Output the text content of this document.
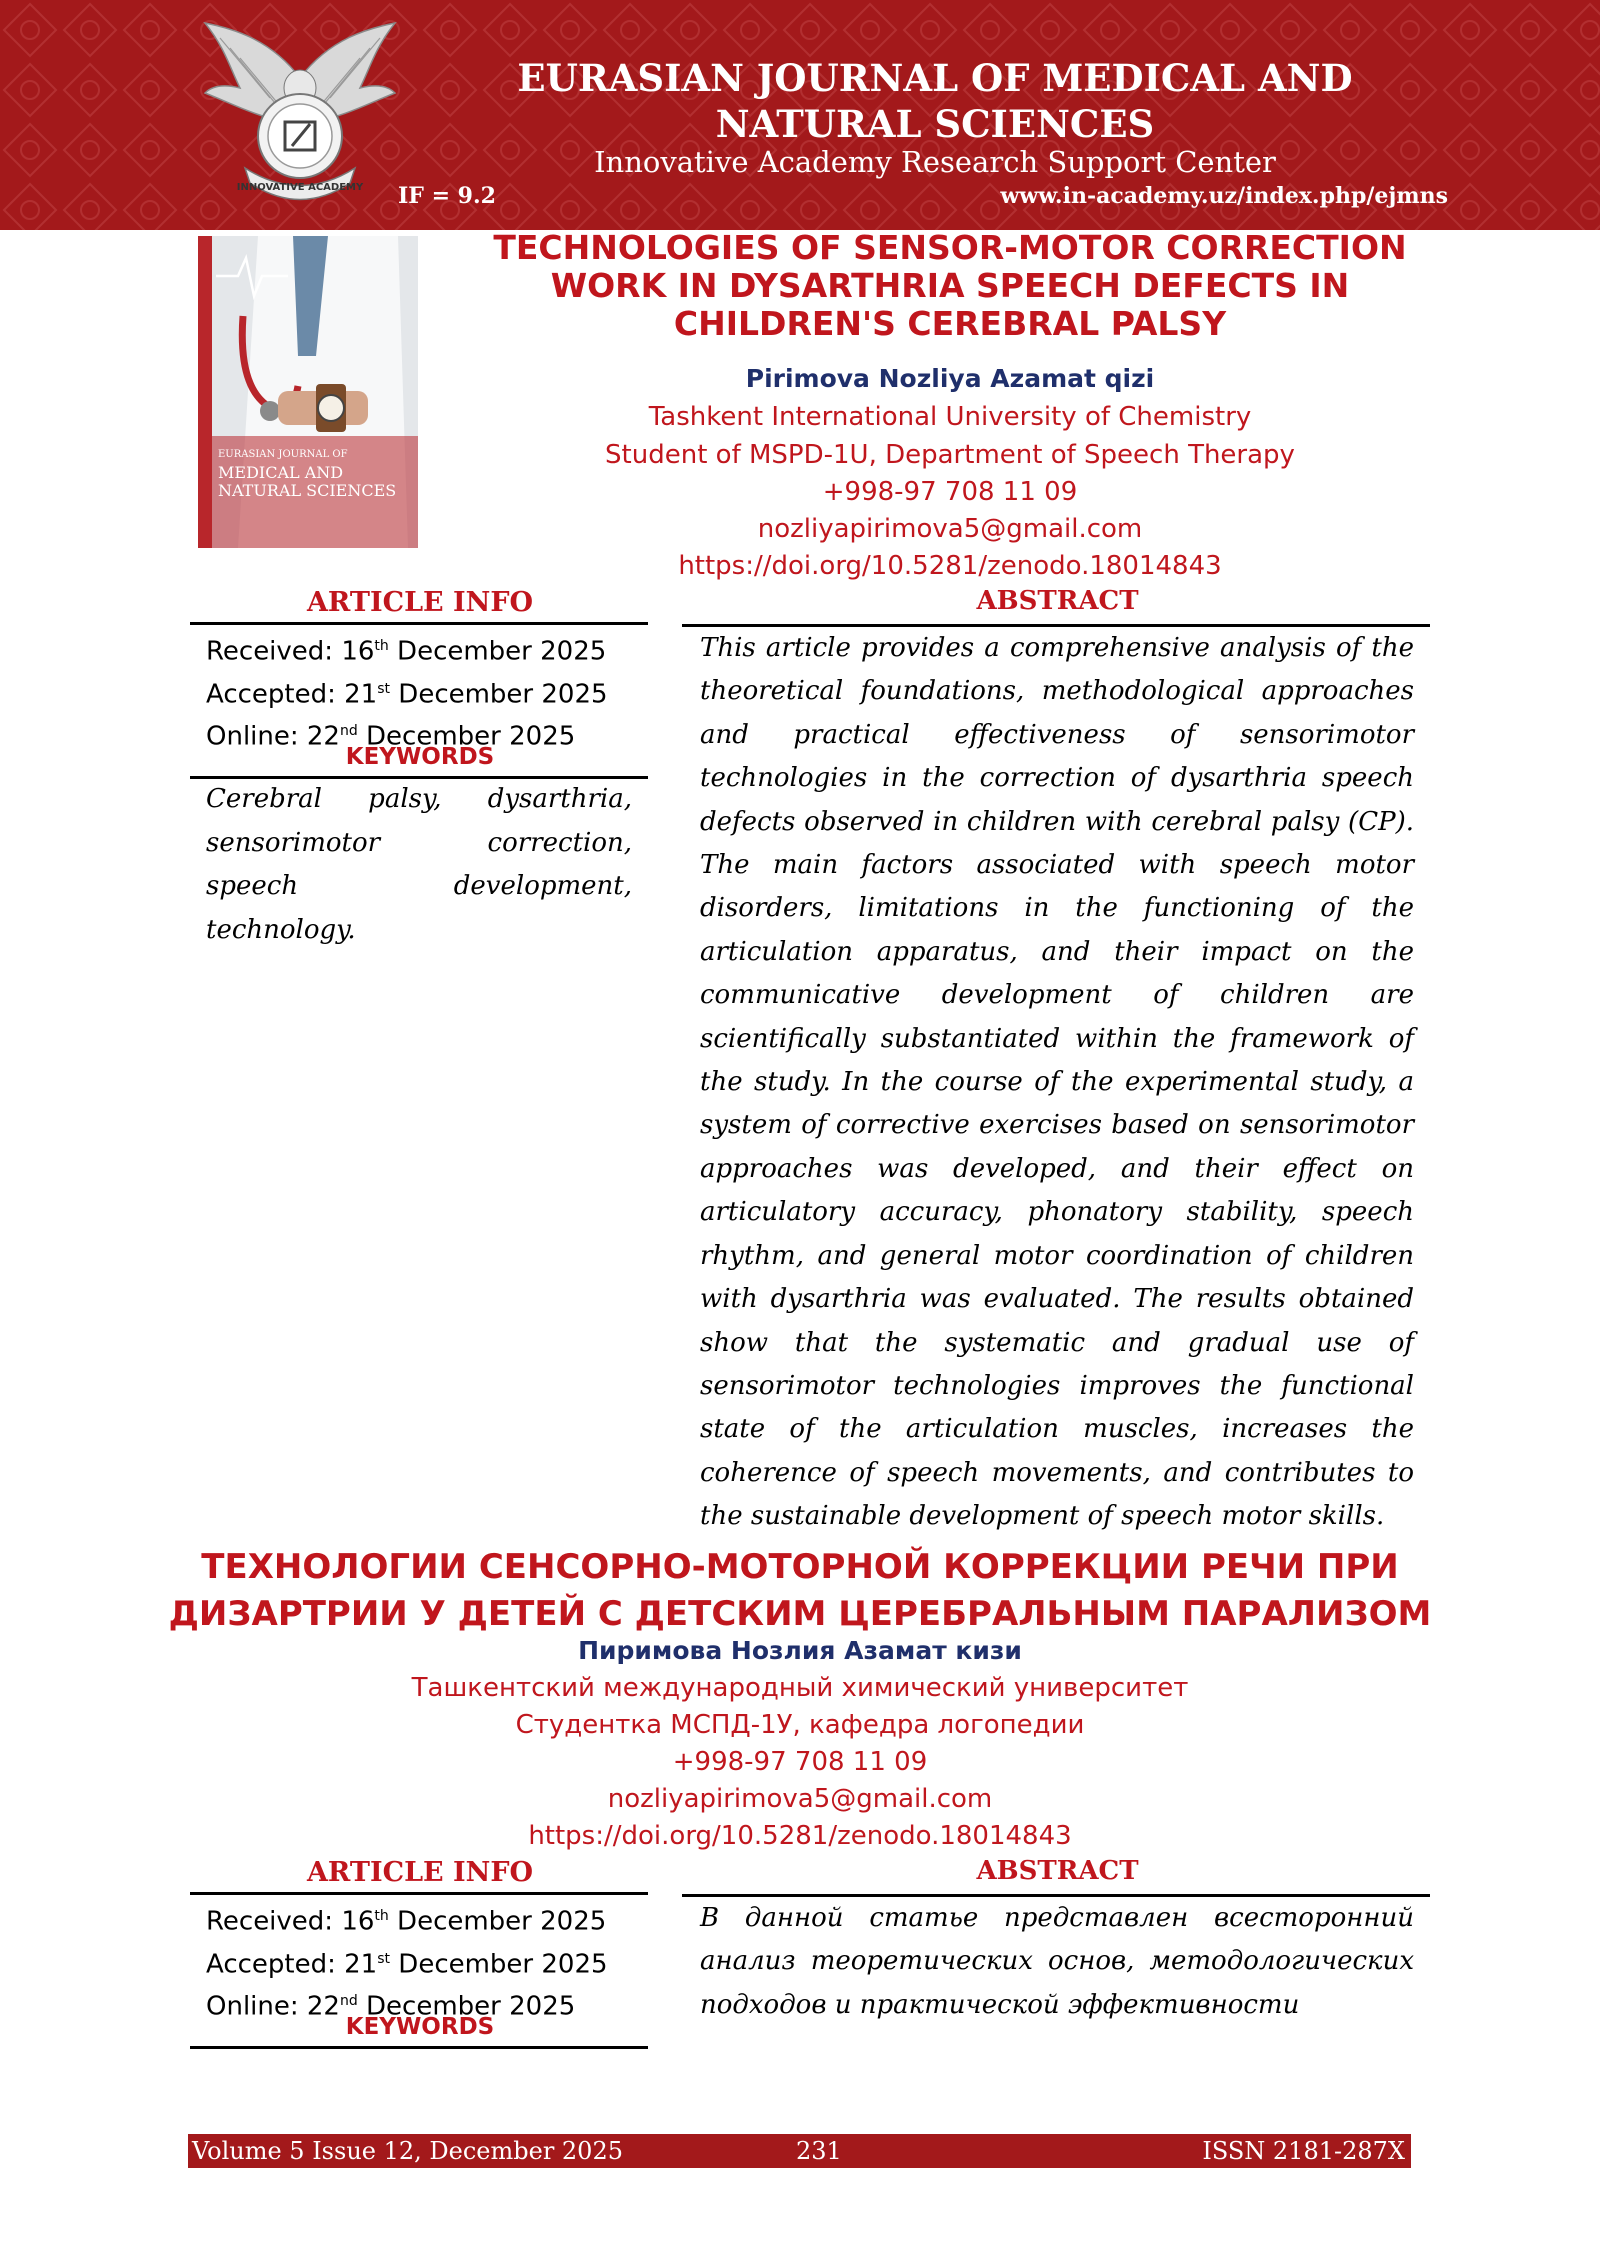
INNOVATIVE ACADEMY
EURASIAN JOURNAL OF MEDICAL AND
NATURAL SCIENCES
Innovative Academy Research Support Center
IF = 9.2	www.in-academy.uz/index.php/ejmns
EURASIAN JOURNAL OF
MEDICAL AND
NATURAL SCIENCES
TECHNOLOGIES OF SENSOR-MOTOR CORRECTION
WORK IN DYSARTHRIA SPEECH DEFECTS IN
CHILDREN'S CEREBRAL PALSY
Pirimova Nozliya Azamat qizi
Tashkent International University of Chemistry
Student of MSPD-1U, Department of Speech Therapy
+998-97 708 11 09
nozliyapirimova5@gmail.com
https://doi.org/10.5281/zenodo.18014843
ARTICLE INFO	ABSTRACT
Received: 16th December 2025
Accepted: 21st December 2025
Online: 22nd December 2025
KEYWORDS
Cerebral palsy, dysarthria, sensorimotor correction, speech development, technology.
This article provides a comprehensive analysis of the theoretical foundations, methodological approaches and practical effectiveness of sensorimotor technologies in the correction of dysarthria speech defects observed in children with cerebral palsy (CP). The main factors associated with speech motor disorders, limitations in the functioning of the articulation apparatus, and their impact on the communicative development of children are scientifically substantiated within the framework of the study. In the course of the experimental study, a system of corrective exercises based on sensorimotor approaches was developed, and their effect on articulatory accuracy, phonatory stability, speech rhythm, and general motor coordination of children with dysarthria was evaluated. The results obtained show that the systematic and gradual use of sensorimotor technologies improves the functional state of the articulation muscles, increases the coherence of speech movements, and contributes to the sustainable development of speech motor skills.
ТЕХНОЛОГИИ СЕНСОРНО-МОТОРНОЙ КОРРЕКЦИИ РЕЧИ ПРИ
ДИЗАРТРИИ У ДЕТЕЙ С ДЕТСКИМ ЦЕРЕБРАЛЬНЫМ ПАРАЛИЗОМ
Пиримова Нозлия Азамат кизи
Ташкентский международный химический университет
Студентка МСПД-1У, кафедра логопедии
+998-97 708 11 09
nozliyapirimova5@gmail.com
https://doi.org/10.5281/zenodo.18014843
ARTICLE INFO	ABSTRACT
Received: 16th December 2025
Accepted: 21st December 2025
Online: 22nd December 2025
KEYWORDS
В данной статье представлен всесторонний анализ теоретических основ, методологических подходов и практической эффективности
Volume 5 Issue 12, December 2025	231	ISSN 2181-287X
